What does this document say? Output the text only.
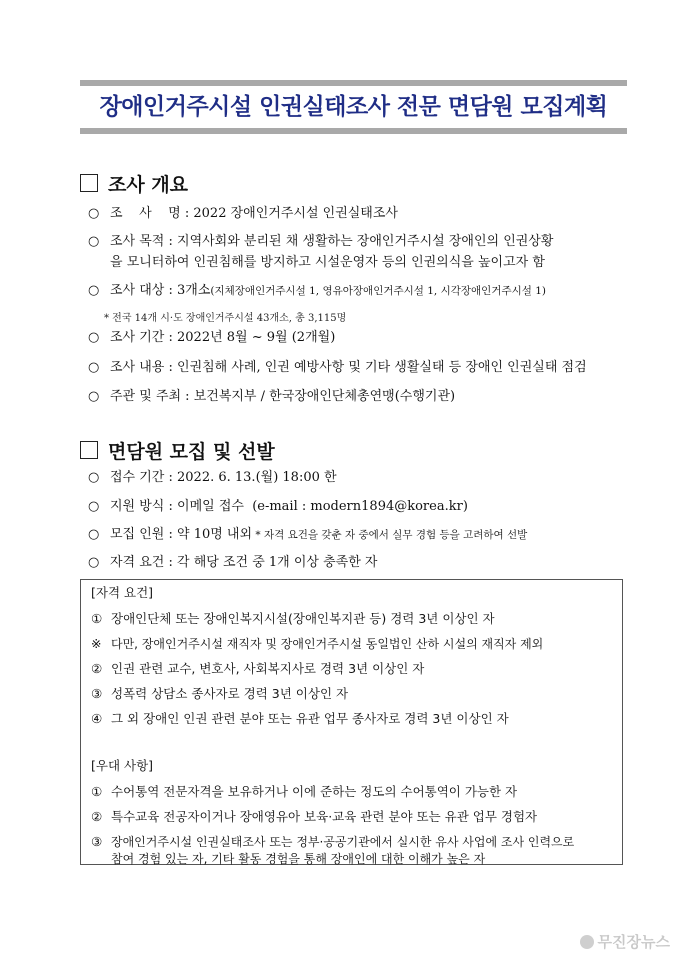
장애인거주시설 인권실태조사 전문 면담원 모집계획
조사 개요
○ 조    사    명 : 2022 장애인거주시설 인권실태조사
○ 조사 목적 : 지역사회와 분리된 채 생활하는 장애인거주시설 장애인의 인권상황
을 모니터하여 인권침해를 방지하고 시설운영자 등의 인권의식을 높이고자 함
○ 조사 대상 : 3개소(지체장애인거주시설 1, 영유아장애인거주시설 1, 시각장애인거주시설 1)
* 전국 14개 시·도 장애인거주시설 43개소, 총 3,115명
○ 조사 기간 : 2022년 8월 ~ 9월 (2개월)
○ 조사 내용 : 인권침해 사례, 인권 예방사항 및 기타 생활실태 등 장애인 인권실태 점검
○ 주관 및 주최 : 보건복지부 / 한국장애인단체총연맹(수행기관)
면담원 모집 및 선발
○ 접수 기간 : 2022. 6. 13.(월) 18:00 한
○ 지원 방식 : 이메일 접수  (e-mail : modern1894@korea.kr)
○ 모집 인원 : 약 10명 내외 * 자격 요건을 갖춘 자 중에서 실무 경험 등을 고려하여 선발
○ 자격 요건 : 각 해당 조건 중 1개 이상 충족한 자
[자격 요건]
① 장애인단체 또는 장애인복지시설(장애인복지관 등) 경력 3년 이상인 자
※ 다만, 장애인거주시설 재직자 및 장애인거주시설 동일법인 산하 시설의 재직자 제외
② 인권 관련 교수, 변호사, 사회복지사로 경력 3년 이상인 자
③ 성폭력 상담소 종사자로 경력 3년 이상인 자
④ 그 외 장애인 인권 관련 분야 또는 유관 업무 종사자로 경력 3년 이상인 자
[우대 사항]
① 수어통역 전문자격을 보유하거나 이에 준하는 정도의 수어통역이 가능한 자
② 특수교육 전공자이거나 장애영유아 보육·교육 관련 분야 또는 유관 업무 경험자
③ 장애인거주시설 인권실태조사 또는 정부·공공기관에서 실시한 유사 사업에 조사 인력으로
참여 경험 있는 자, 기타 활동 경험을 통해 장애인에 대한 이해가 높은 자
무진장뉴스
